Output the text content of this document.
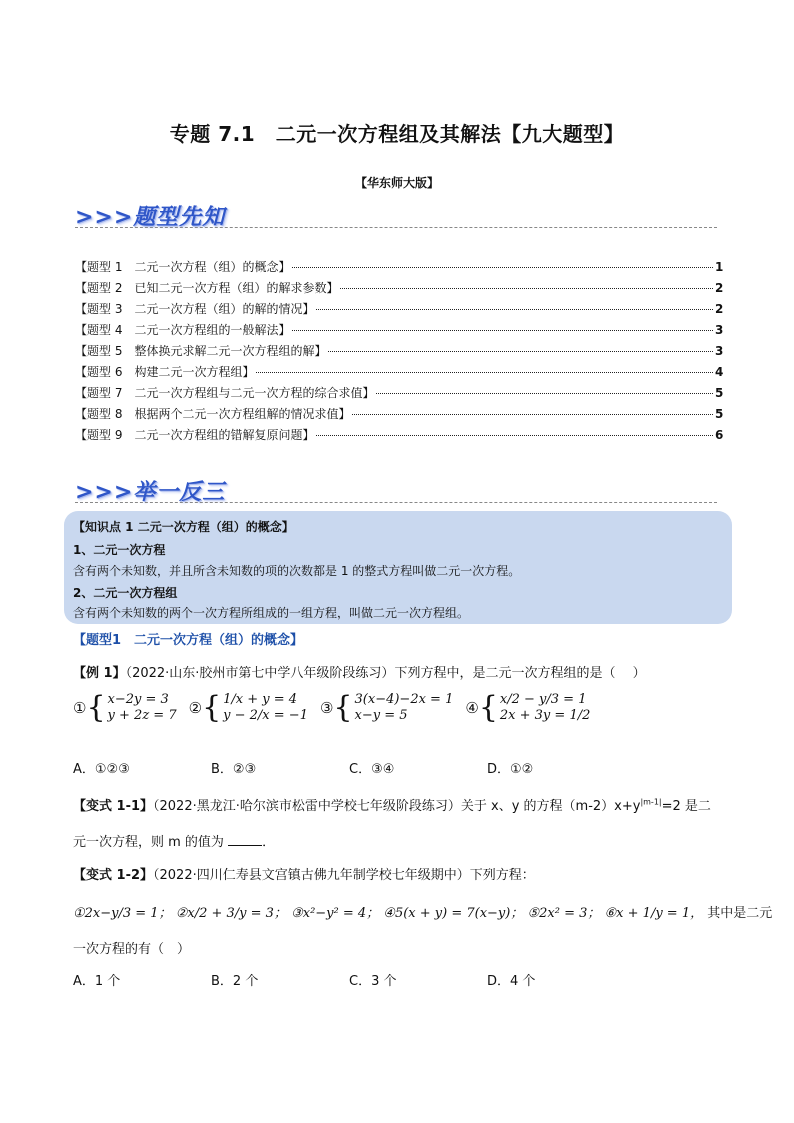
专题 7.1　二元一次方程组及其解法【九大题型】
【华东师大版】
>>>题型先知
【题型 1　二元一次方程（组）的概念】	1
【题型 2　已知二元一次方程（组）的解求参数】	2
【题型 3　二元一次方程（组）的解的情况】	2
【题型 4　二元一次方程组的一般解法】	3
【题型 5　整体换元求解二元一次方程组的解】	3
【题型 6　构建二元一次方程组】	4
【题型 7　二元一次方程组与二元一次方程的综合求值】	5
【题型 8　根据两个二元一次方程组解的情况求值】	5
【题型 9　二元一次方程组的错解复原问题】	6
>>>举一反三
【知识点 1 二元一次方程（组）的概念】
1、二元一次方程
含有两个未知数，并且所含未知数的项的次数都是 1 的整式方程叫做二元一次方程。
2、二元一次方程组
含有两个未知数的两个一次方程所组成的一组方程，叫做二元一次方程组。
【题型1　二元一次方程（组）的概念】
【例 1】（2022·山东·胶州市第七中学八年级阶段练习）下列方程中，是二元一次方程组的是（　 ）
① { x−2y = 3
y + 2z = 7 ② { 1/x + y = 4
y − 2/x = −1 ③ { 3(x−4)−2x = 1
x−y = 5	④ { x/2 − y/3 = 1
2x + 3y = 1/2
A．①②③	B．②③	C．③④	D．①②
【变式 1-1】（2022·黑龙江·哈尔滨市松雷中学校七年级阶段练习）关于 x、y 的方程$(m-2)x+y^{|m-1|}=2$ 是二
元一次方程，则 m 的值为	．
【变式 1-2】（2022·四川仁寿县文宫镇古佛九年制学校七年级期中）下列方程：
①2x−y/3 = 1； ②x/2 + 3/y = 3； ③x²−y² = 4； ④5(x + y) = 7(x−y)； ⑤2x² = 3； ⑥x + 1/y = 1， 其中是二元
一次方程的有（　）
A．1 个	B．2 个	C．3 个	D．4 个
